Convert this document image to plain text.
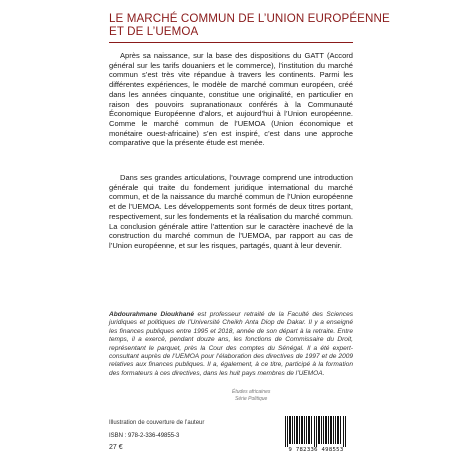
LE MARCHÉ COMMUN DE L’UNION EUROPÉENNE
ET DE L’UEMOA

Après sa naissance, sur la base des dispositions du GATT (Accord général sur les tarifs douaniers et le commerce), l’institution du marché commun s’est très vite répandue à travers les continents. Parmi les différentes expériences, le modèle de marché commun européen, créé dans les années cinquante, constitue une originalité, en particulier en raison des pouvoirs supranationaux conférés à la Communauté Économique Européenne d’alors, et aujourd’hui à l’Union européenne. Comme le marché commun de l’UEMOA (Union économique et monétaire ouest-africaine) s’en est inspiré, c’est dans une approche comparative que la présente étude est menée.

Dans ses grandes articulations, l’ouvrage comprend une introduction générale qui traite du fondement juridique international du marché commun, et de la naissance du marché commun de l’Union européenne et de l’UEMOA. Les développements sont formés de deux titres portant, respectivement, sur les fondements et la réalisation du marché commun. La conclusion générale attire l’attention sur le caractère inachevé de la construction du marché commun de l’UEMOA, par rapport au cas de l’Union européenne, et sur les risques, partagés, quant à leur devenir.

Abdourahmane Dioukhané est professeur retraité de la Faculté des Sciences juridiques et politiques de l’Université Cheikh Anta Diop de Dakar. Il y a enseigné les finances publiques entre 1995 et 2018, année de son départ à la retraite. Entre temps, il a exercé, pendant douze ans, les fonctions de Commissaire du Droit, représentant le parquet, près la Cour des comptes du Sénégal. Il a été expert-consultant auprès de l’UEMOA pour l’élaboration des directives de 1997 et de 2009 relatives aux finances publiques. Il a, également, à ce titre, participé à la formation des formateurs à ces directives, dans les huit pays membres de l’UEMOA.

Études africaines
Série Politique
Illustration de couverture de l’auteur
ISBN : 978-2-336-49855-3
27 €	9 782336 498553
